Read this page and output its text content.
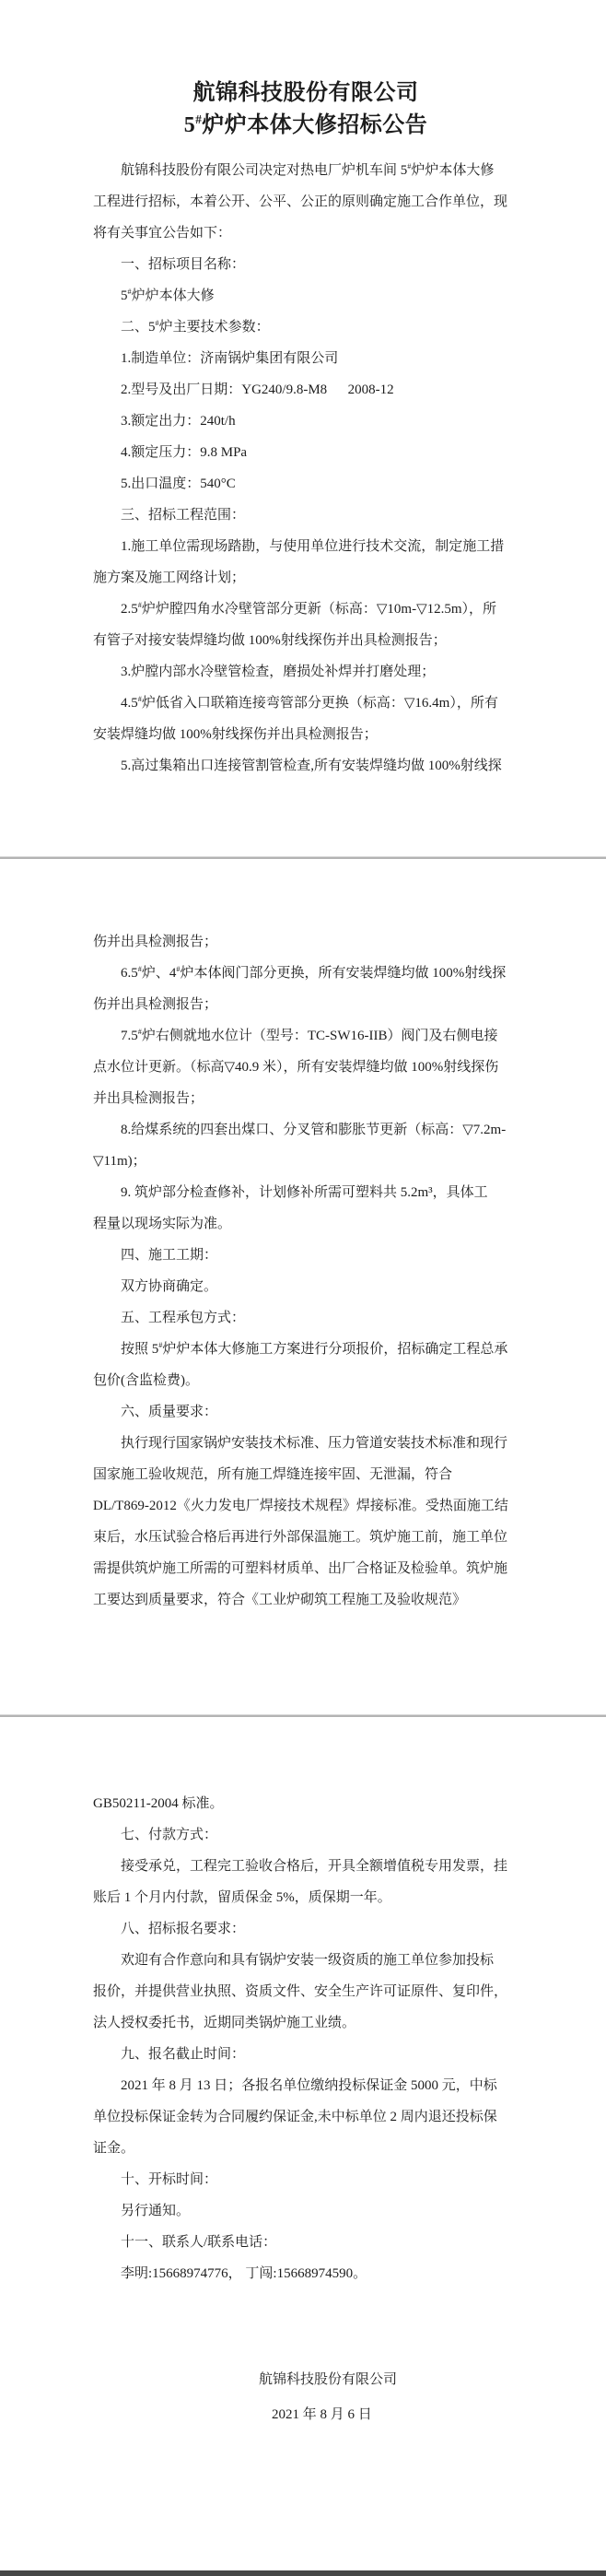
航锦科技股份有限公司
5#炉炉本体大修招标公告

航锦科技股份有限公司决定对热电厂炉机车间 5#炉炉本体大修

工程进行招标，本着公开、公平、公正的原则确定施工合作单位，现

将有关事宜公告如下：

一、招标项目名称：

5#炉炉本体大修

二、5#炉主要技术参数：

1.制造单位：济南锅炉集团有限公司

2.型号及出厂日期：YG240/9.8-M8      2008-12

3.额定出力：240t/h

4.额定压力：9.8 MPa

5.出口温度：540°C

三、招标工程范围：

1.施工单位需现场踏勘，与使用单位进行技术交流，制定施工措

施方案及施工网络计划；

2.5#炉炉膛四角水冷壁管部分更新（标高：▽10m-▽12.5m），所

有管子对接安装焊缝均做 100%射线探伤并出具检测报告；

3.炉膛内部水冷壁管检查，磨损处补焊并打磨处理；

4.5#炉低省入口联箱连接弯管部分更换（标高：▽16.4m），所有

安装焊缝均做 100%射线探伤并出具检测报告；

5.高过集箱出口连接管割管检查,所有安装焊缝均做 100%射线探

伤并出具检测报告；

6.5#炉、4#炉本体阀门部分更换，所有安装焊缝均做 100%射线探

伤并出具检测报告；

7.5#炉右侧就地水位计（型号：TC-SW16-IIB）阀门及右侧电接

点水位计更新。（标高▽40.9 米），所有安装焊缝均做 100%射线探伤

并出具检测报告；

8.给煤系统的四套出煤口、分叉管和膨胀节更新（标高：▽7.2m-

▽11m)；

9. 筑炉部分检查修补，计划修补所需可塑料共 5.2m³，具体工

程量以现场实际为准。

四、施工工期：

双方协商确定。

五、工程承包方式：

按照 5#炉炉本体大修施工方案进行分项报价，招标确定工程总承

包价(含监检费)。

六、质量要求：

执行现行国家锅炉安装技术标准、压力管道安装技术标准和现行

国家施工验收规范，所有施工焊缝连接牢固、无泄漏，符合

DL/T869-2012《火力发电厂焊接技术规程》焊接标准。受热面施工结

束后，水压试验合格后再进行外部保温施工。筑炉施工前，施工单位

需提供筑炉施工所需的可塑料材质单、出厂合格证及检验单。筑炉施

工要达到质量要求，符合《工业炉砌筑工程施工及验收规范》

GB50211-2004 标准。

七、付款方式：

接受承兑，工程完工验收合格后，开具全额增值税专用发票，挂

账后 1 个月内付款，留质保金 5%，质保期一年。

八、招标报名要求：

欢迎有合作意向和具有锅炉安装一级资质的施工单位参加投标

报价，并提供营业执照、资质文件、安全生产许可证原件、复印件，

法人授权委托书，近期同类锅炉施工业绩。

九、报名截止时间：

2021 年 8 月 13 日；各报名单位缴纳投标保证金 5000 元，中标

单位投标保证金转为合同履约保证金,未中标单位 2 周内退还投标保

证金。

十、开标时间：

另行通知。

十一、联系人/联系电话：

李明:15668974776， 丁闯:15668974590。

航锦科技股份有限公司

2021 年 8 月 6 日
